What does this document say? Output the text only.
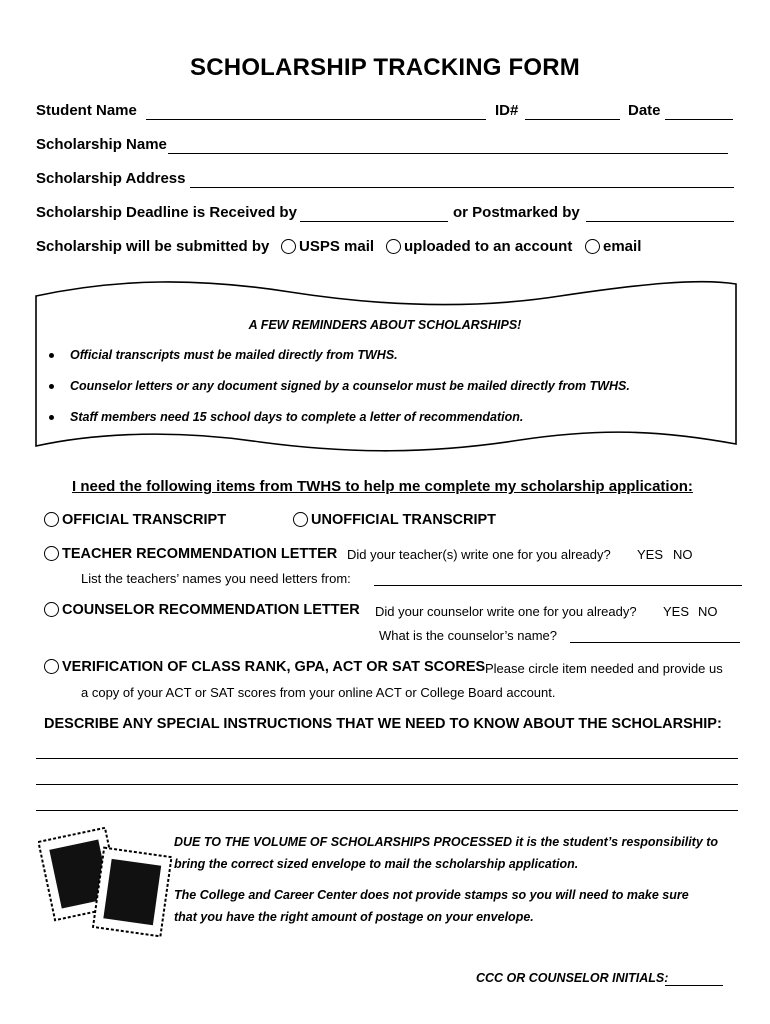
SCHOLARSHIP TRACKING FORM
Student Name	ID#	Date
Scholarship Name
Scholarship Address
Scholarship Deadline is Received by	or Postmarked by
Scholarship will be submitted by	USPS mail	uploaded to an account	email
A FEW REMINDERS ABOUT SCHOLARSHIPS!
Official transcripts must be mailed directly from TWHS.
Counselor letters or any document signed by a counselor must be mailed directly from TWHS.
Staff members need 15 school days to complete a letter of recommendation.
I need the following items from TWHS to help me complete my scholarship application:
OFFICIAL TRANSCRIPT	UNOFFICIAL TRANSCRIPT
TEACHER RECOMMENDATION LETTER Did your teacher(s) write one for you already? YES NO
List the teachers’ names you need letters from:
COUNSELOR RECOMMENDATION LETTER Did your counselor write one for you already? YES NO
What is the counselor’s name?
VERIFICATION OF CLASS RANK, GPA, ACT OR SAT SCORES Please circle item needed and provide us
a copy of your ACT or SAT scores from your online ACT or College Board account.
DESCRIBE ANY SPECIAL INSTRUCTIONS THAT WE NEED TO KNOW ABOUT THE SCHOLARSHIP:
DUE TO THE VOLUME OF SCHOLARSHIPS PROCESSED it is the student’s responsibility to
bring the correct sized envelope to mail the scholarship application.
The College and Career Center does not provide stamps so you will need to make sure
that you have the right amount of postage on your envelope.
CCC OR COUNSELOR INITIALS:
